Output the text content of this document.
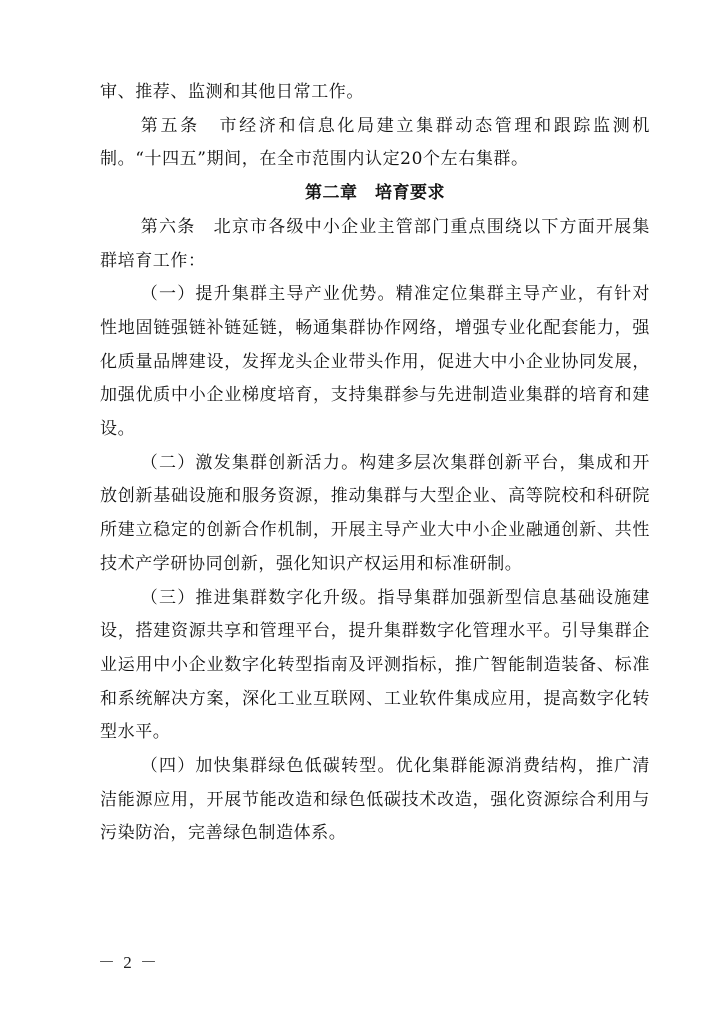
审、推荐、监测和其他日常工作。

第五条　市经济和信息化局建立集群动态管理和跟踪监测机制。“十四五”期间，在全市范围内认定20个左右集群。

第二章　培育要求

第六条　北京市各级中小企业主管部门重点围绕以下方面开展集群培育工作：

（一）提升集群主导产业优势。精准定位集群主导产业，有针对性地固链强链补链延链，畅通集群协作网络，增强专业化配套能力，强化质量品牌建设，发挥龙头企业带头作用，促进大中小企业协同发展，加强优质中小企业梯度培育，支持集群参与先进制造业集群的培育和建设。

（二）激发集群创新活力。构建多层次集群创新平台，集成和开放创新基础设施和服务资源，推动集群与大型企业、高等院校和科研院所建立稳定的创新合作机制，开展主导产业大中小企业融通创新、共性技术产学研协同创新，强化知识产权运用和标准研制。

（三）推进集群数字化升级。指导集群加强新型信息基础设施建设，搭建资源共享和管理平台，提升集群数字化管理水平。引导集群企业运用中小企业数字化转型指南及评测指标，推广智能制造装备、标准和系统解决方案，深化工业互联网、工业软件集成应用，提高数字化转型水平。

（四）加快集群绿色低碳转型。优化集群能源消费结构，推广清洁能源应用，开展节能改造和绿色低碳技术改造，强化资源综合利用与污染防治，完善绿色制造体系。

－ 2 －
